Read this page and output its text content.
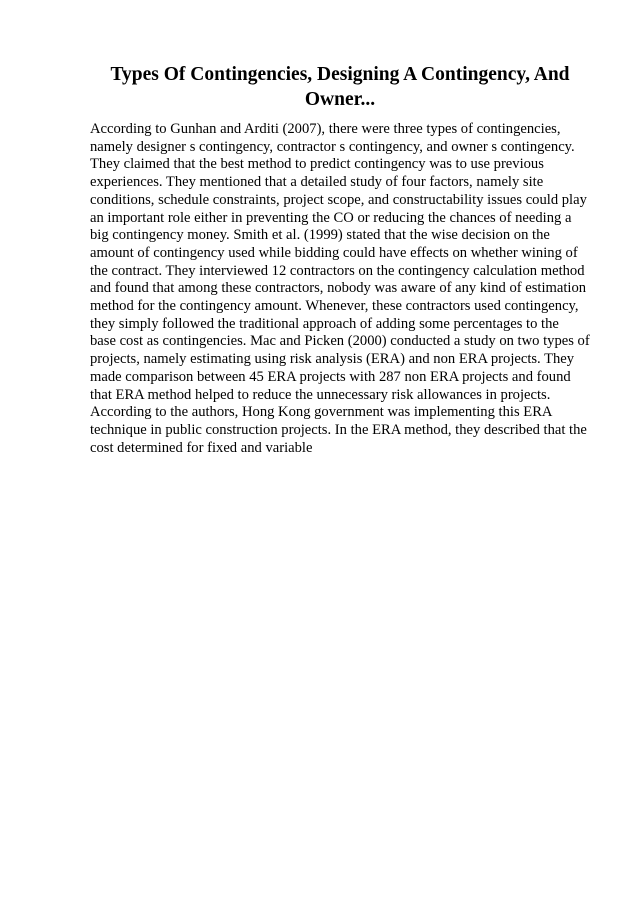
Types Of Contingencies, Designing A Contingency, And
Owner...
According to Gunhan and Arditi (2007), there were three types of contingencies,
namely designer s contingency, contractor s contingency, and owner s contingency.
They claimed that the best method to predict contingency was to use previous
experiences. They mentioned that a detailed study of four factors, namely site
conditions, schedule constraints, project scope, and constructability issues could play
an important role either in preventing the CO or reducing the chances of needing a
big contingency money. Smith et al. (1999) stated that the wise decision on the
amount of contingency used while bidding could have effects on whether wining of
the contract. They interviewed 12 contractors on the contingency calculation method
and found that among these contractors, nobody was aware of any kind of estimation
method for the contingency amount. Whenever, these contractors used contingency,
they simply followed the traditional approach of adding some percentages to the
base cost as contingencies. Mac and Picken (2000) conducted a study on two types of
projects, namely estimating using risk analysis (ERA) and non ERA projects. They
made comparison between 45 ERA projects with 287 non ERA projects and found
that ERA method helped to reduce the unnecessary risk allowances in projects.
According to the authors, Hong Kong government was implementing this ERA
technique in public construction projects. In the ERA method, they described that the
cost determined for fixed and variable
